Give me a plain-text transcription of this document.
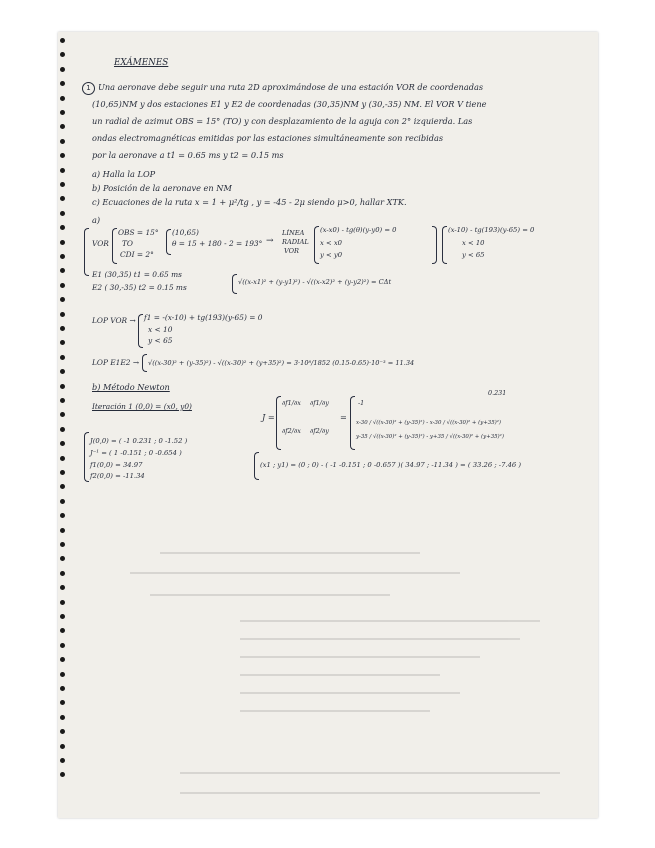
EXÁMENES
1 Una aeronave debe seguir una ruta 2D aproximándose de una estación VOR de coordenadas
(10,65)NM y dos estaciones E1 y E2 de coordenadas (30,35)NM y (30,-35) NM. El VOR V tiene
un radial de azimut OBS = 15° (TO) y con desplazamiento de la aguja con 2° izquierda. Las
ondas electromagnéticas emitidas por las estaciones simultáneamente son recibidas
por la aeronave a t1 = 0.65 ms y t2 = 0.15 ms
a) Halla la LOP
b) Posición de la aeronave en NM
c) Ecuaciones de la ruta x = 1 + μ²/tg , y = -45 - 2μ siendo μ>0, hallar XTK.
a)
VOR
OBS = 15°
TO
CDI = 2°
(10,65)
θ = 15 + 180 - 2 = 193° →
LÍNEA
RADIAL
VOR
(x-x0) - tg(θ)(y-y0) = 0
x < x0
y < y0
(x-10) - tg(193)(y-65) = 0
x < 10
y < 65
E1 (30,35) t1 = 0.65 ms
E2 ( 30,-35) t2 = 0.15 ms
√((x-x1)² + (y-y1)²) - √((x-x2)² + (y-y2)²) = CΔt
LOP VOR → f1 = -(x-10) + tg(193)(y-65) = 0
x < 10
y < 65
LOP E1E2 → √((x-30)² + (y-35)²) - √((x-30)² + (y+35)²) = 3·10⁸/1852 (0.15-0.65)·10⁻³ = 11.34
b) Método Newton
Iteración 1 (0,0) = (x0, y0)
J =
∂f1/∂x ∂f1/∂y
∂f2/∂x ∂f2/∂y
=
-1
0.231
x-30 / √((x-30)² + (y-35)²) - x-30 / √((x-30)² + (y+35)²)
y-35 / √((x-30)² + (y-35)²) - y+35 / √((x-30)² + (y+35)²)
J(0,0) = ( -1 0.231 ; 0 -1.52 )
J⁻¹ = ( 1 -0.151 ; 0 -0.654 )
f1(0,0) = 34.97
f2(0,0) = -11.34
(x1 ; y1) = (0 ; 0) - ( -1 -0.151 ; 0 -0.657 )( 34.97 ; -11.34 ) = ( 33.26 ; -7.46 )
